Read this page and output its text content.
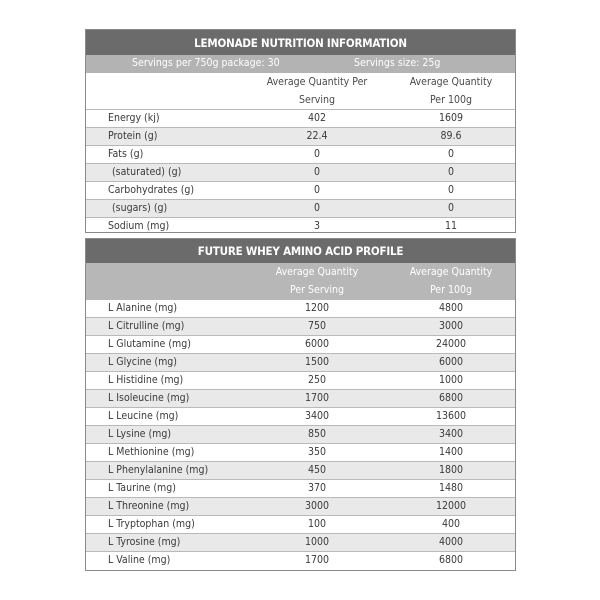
LEMONADE NUTRITION INFORMATION
Servings per 750g package: 30	Servings size: 25g
Average Quantity Per
Serving
Average Quantity
Per 100g
Energy (kj)	402	1609
Protein (g)	22.4	89.6
Fats (g)	0	0
(saturated) (g)	0	0
Carbohydrates (g)	0	0
(sugars) (g)	0	0
Sodium (mg)	3	11
FUTURE WHEY AMINO ACID PROFILE
Average Quantity
Per Serving
Average Quantity
Per 100g
L Alanine (mg)	1200	4800
L Citrulline (mg)	750	3000
L Glutamine (mg)	6000	24000
L Glycine (mg)	1500	6000
L Histidine (mg)	250	1000
L Isoleucine (mg)	1700	6800
L Leucine (mg)	3400	13600
L Lysine (mg)	850	3400
L Methionine (mg)	350	1400
L Phenylalanine (mg)	450	1800
L Taurine (mg)	370	1480
L Threonine (mg)	3000	12000
L Tryptophan (mg)	100	400
L Tyrosine (mg)	1000	4000
L Valine (mg)	1700	6800
